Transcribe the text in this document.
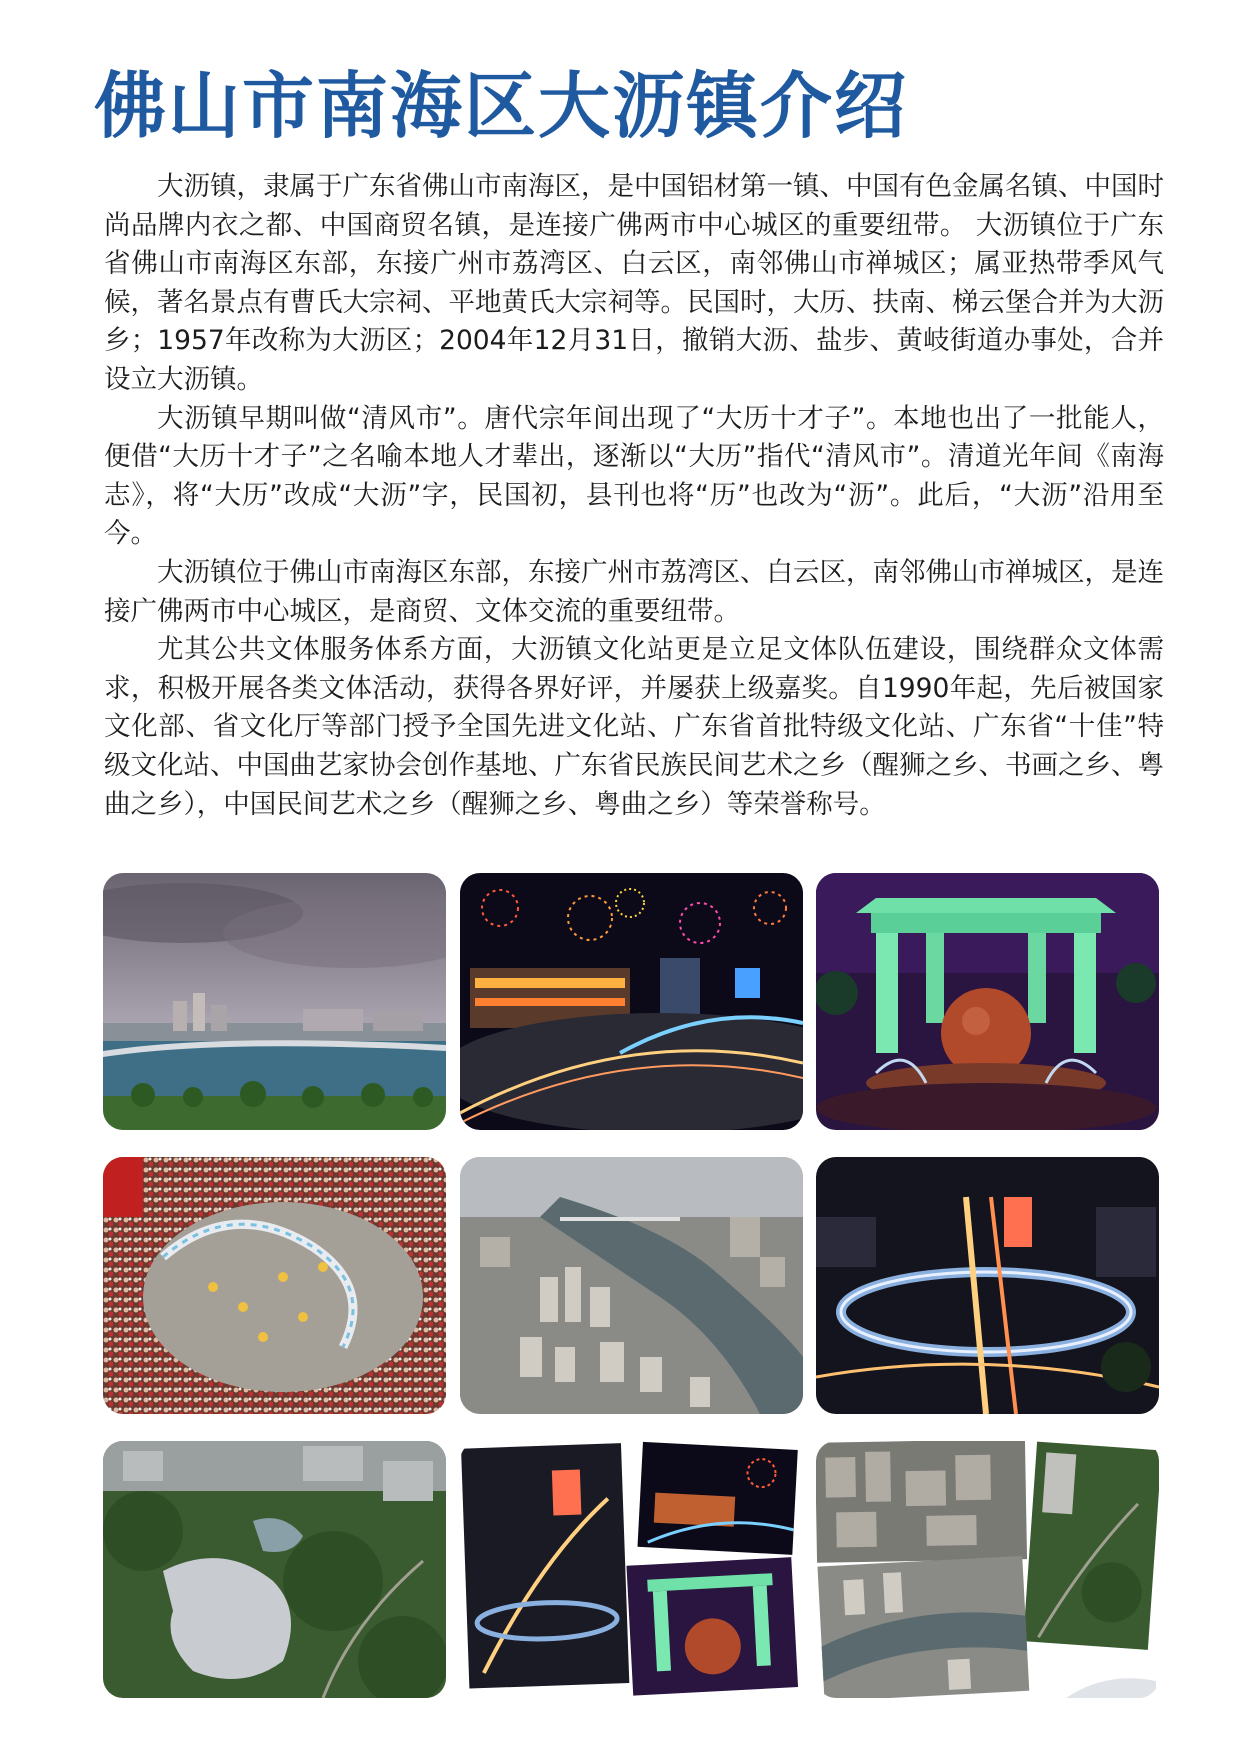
佛山市南海区大沥镇介绍

大沥镇，隶属于广东省佛山市南海区，是中国铝材第一镇、中国有色金属名镇、中国时尚品牌内衣之都、中国商贸名镇，是连接广佛两市中心城区的重要纽带。 大沥镇位于广东省佛山市南海区东部，东接广州市荔湾区、白云区，南邻佛山市禅城区；属亚热带季风气候，著名景点有曹氏大宗祠、平地黄氏大宗祠等。民国时，大历、扶南、梯云堡合并为大沥乡；1957年改称为大沥区；2004年12月31日，撤销大沥、盐步、黄岐街道办事处，合并设立大沥镇。

大沥镇早期叫做“清风市”。唐代宗年间出现了“大历十才子”。本地也出了一批能人，便借“大历十才子”之名喻本地人才辈出，逐渐以“大历”指代“清风市”。清道光年间《南海志》，将“大历”改成“大沥”字，民国初，县刊也将“历”也改为“沥”。此后，“大沥”沿用至今。

大沥镇位于佛山市南海区东部，东接广州市荔湾区、白云区，南邻佛山市禅城区，是连接广佛两市中心城区，是商贸、文体交流的重要纽带。

尤其公共文体服务体系方面，大沥镇文化站更是立足文体队伍建设，围绕群众文体需求，积极开展各类文体活动，获得各界好评，并屡获上级嘉奖。自1990年起，先后被国家文化部、省文化厅等部门授予全国先进文化站、广东省首批特级文化站、广东省“十佳”特级文化站、中国曲艺家协会创作基地、广东省民族民间艺术之乡（醒狮之乡、书画之乡、粤曲之乡），中国民间艺术之乡（醒狮之乡、粤曲之乡）等荣誉称号。
